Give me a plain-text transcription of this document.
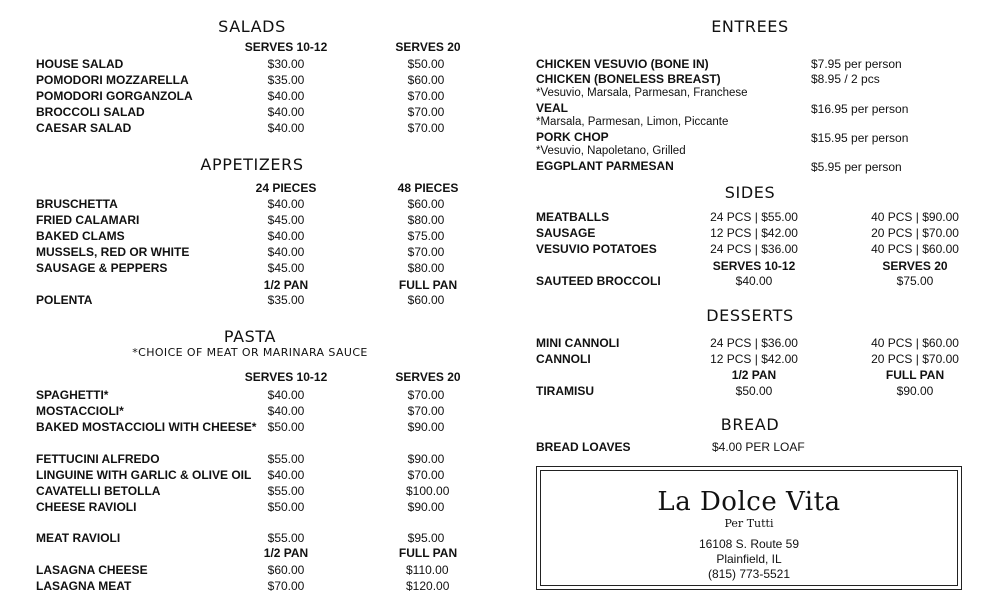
SALADS
SERVES 10-12	SERVES 20
HOUSE SALAD	$30.00	$50.00
POMODORI MOZZARELLA	$35.00	$60.00
POMODORI GORGANZOLA	$40.00	$70.00
BROCCOLI SALAD	$40.00	$70.00
CAESAR SALAD	$40.00	$70.00
APPETIZERS
24 PIECES	48 PIECES
BRUSCHETTA	$40.00	$60.00
FRIED CALAMARI	$45.00	$80.00
BAKED CLAMS	$40.00	$75.00
MUSSELS, RED OR WHITE	$40.00	$70.00
SAUSAGE & PEPPERS	$45.00	$80.00
1/2 PAN	FULL PAN
POLENTA	$35.00	$60.00
PASTA
*CHOICE OF MEAT OR MARINARA SAUCE
SERVES 10-12	SERVES 20
SPAGHETTI*	$40.00	$70.00
MOSTACCIOLI*	$40.00	$70.00
BAKED MOSTACCIOLI WITH CHEESE* $50.00	$90.00
FETTUCINI ALFREDO	$55.00	$90.00
LINGUINE WITH GARLIC & OLIVE OIL $40.00	$70.00
CAVATELLI BETOLLA	$55.00	$100.00
CHEESE RAVIOLI	$50.00	$90.00
MEAT RAVIOLI	$55.00	$95.00
1/2 PAN	FULL PAN
LASAGNA CHEESE	$60.00	$110.00
LASAGNA MEAT	$70.00	$120.00
ENTREES
CHICKEN VESUVIO (BONE IN)	$7.95 per person
CHICKEN (BONELESS BREAST)	$8.95 / 2 pcs
*Vesuvio, Marsala, Parmesan, Franchese
VEAL	$16.95 per person
*Marsala, Parmesan, Limon, Piccante
PORK CHOP	$15.95 per person
*Vesuvio, Napoletano, Grilled
EGGPLANT PARMESAN	$5.95 per person
SIDES
MEATBALLS	24 PCS | $55.00	40 PCS | $90.00
SAUSAGE	12 PCS | $42.00	20 PCS | $70.00
VESUVIO POTATOES	24 PCS | $36.00	40 PCS | $60.00
SERVES 10-12	SERVES 20
SAUTEED BROCCOLI	$40.00	$75.00
DESSERTS
MINI CANNOLI	24 PCS | $36.00	40 PCS | $60.00
CANNOLI	12 PCS | $42.00	20 PCS | $70.00
1/2 PAN	FULL PAN
TIRAMISU	$50.00	$90.00
BREAD
BREAD LOAVES	$4.00 PER LOAF
La Dolce Vita
Per Tutti
16108 S. Route 59
Plainfield, IL
(815) 773-5521
